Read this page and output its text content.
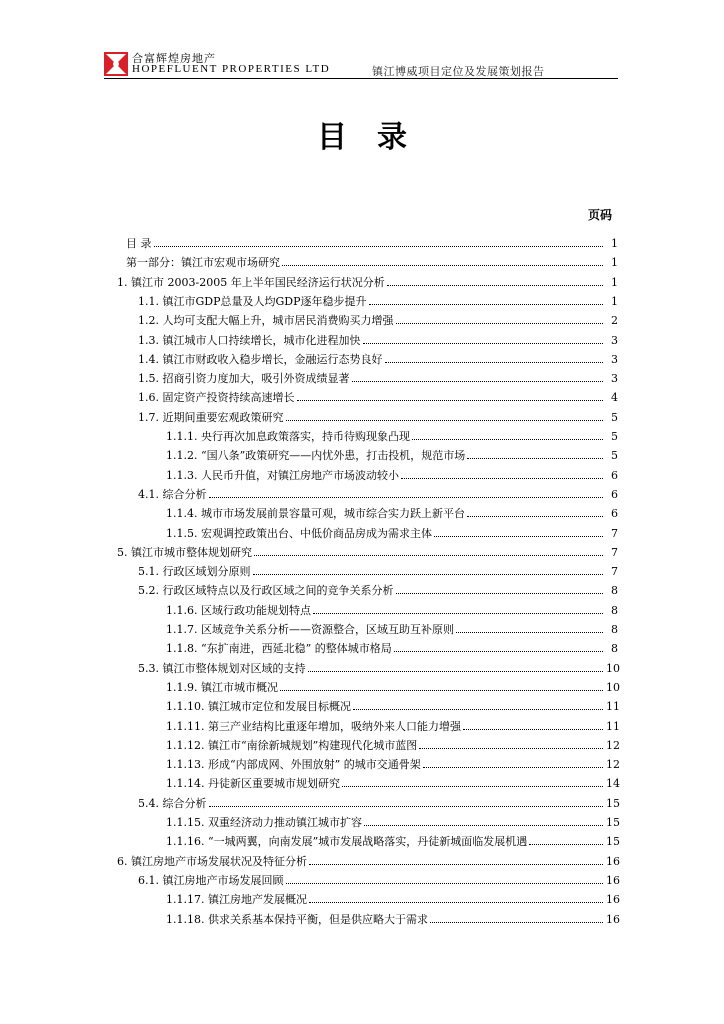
合富辉煌房地产
HOPEFLUENT PROPERTIES LTD	镇江博威项目定位及发展策划报告
目录
页码
目 录	1
第一部分：镇江市宏观市场研究	1
1. 镇江市 2003-2005 年上半年国民经济运行状况分析	1
1.1. 镇江市GDP总量及人均GDP逐年稳步提升	1
1.2. 人均可支配大幅上升，城市居民消费购买力增强	2
1.3. 镇江城市人口持续增长，城市化进程加快	3
1.4. 镇江市财政收入稳步增长，金融运行态势良好	3
1.5. 招商引资力度加大，吸引外资成绩显著	3
1.6. 固定资产投资持续高速增长	4
1.7. 近期间重要宏观政策研究	5
1.1.1. 央行再次加息政策落实，持币待购现象凸现	5
1.1.2. “国八条”政策研究——内忧外患，打击投机，规范市场	5
1.1.3. 人民币升值，对镇江房地产市场波动较小	6
4.1. 综合分析	6
1.1.4. 城市市场发展前景容量可观，城市综合实力跃上新平台	6
1.1.5. 宏观调控政策出台、中低价商品房成为需求主体	7
5. 镇江市城市整体规划研究	7
5.1. 行政区域划分原则	7
5.2. 行政区域特点以及行政区域之间的竞争关系分析	8
1.1.6. 区域行政功能规划特点	8
1.1.7. 区域竞争关系分析——资源整合，区域互助互补原则	8
1.1.8. “东扩南进，西延北稳” 的整体城市格局	8
5.3. 镇江市整体规划对区域的支持	10
1.1.9. 镇江市城市概况	10
1.1.10. 镇江城市定位和发展目标概况	11
1.1.11. 第三产业结构比重逐年增加，吸纳外来人口能力增强	11
1.1.12. 镇江市“南徐新城规划”构建现代化城市蓝图	12
1.1.13. 形成“内部成网、外围放射” 的城市交通骨架	12
1.1.14. 丹徒新区重要城市规划研究	14
5.4. 综合分析	15
1.1.15. 双重经济动力推动镇江城市扩容	15
1.1.16. “一城两翼，向南发展”城市发展战略落实，丹徒新城面临发展机遇	15
6. 镇江房地产市场发展状况及特征分析	16
6.1. 镇江房地产市场发展回顾	16
1.1.17. 镇江房地产发展概况	16
1.1.18. 供求关系基本保持平衡，但是供应略大于需求	16
